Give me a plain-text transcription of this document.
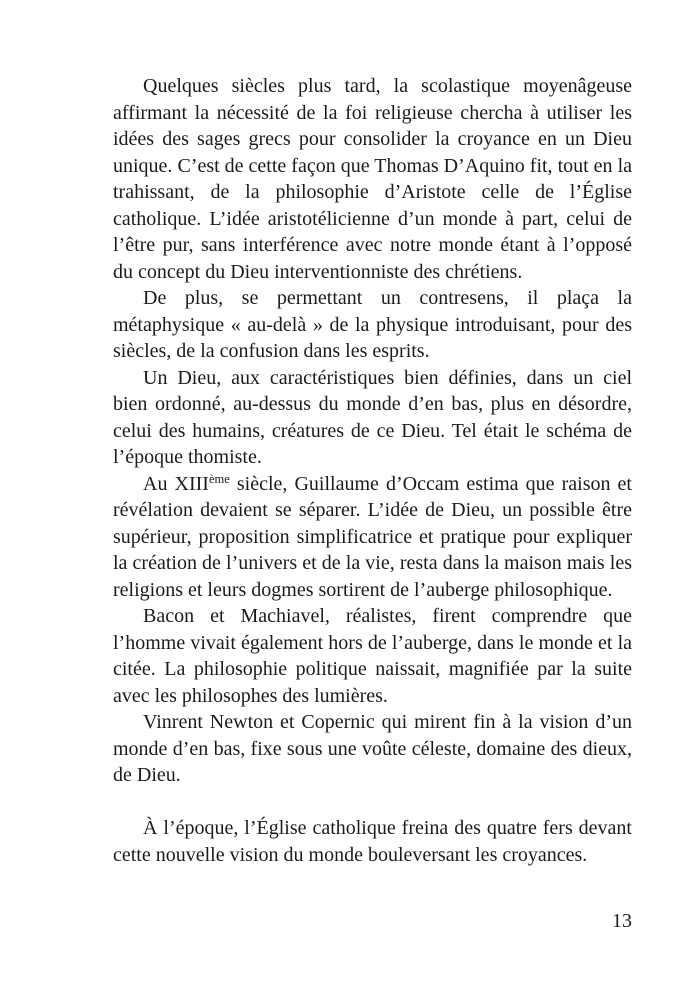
Quelques siècles plus tard, la scolastique moyenâgeuse affirmant la nécessité de la foi religieuse chercha à utiliser les idées des sages grecs pour consolider la croyance en un Dieu unique. C’est de cette façon que Thomas D’Aquino fit, tout en la trahissant, de la philosophie d’Aristote celle de l’Église catholique. L’idée aristotélicienne d’un monde à part, celui de l’être pur, sans interférence avec notre monde étant à l’opposé du concept du Dieu interventionniste des chrétiens.

De plus, se permettant un contresens, il plaça la métaphysique « au-delà » de la physique introduisant, pour des siècles, de la confusion dans les esprits.

Un Dieu, aux caractéristiques bien définies, dans un ciel bien ordonné, au-dessus du monde d’en bas, plus en désordre, celui des humains, créatures de ce Dieu. Tel était le schéma de l’époque thomiste.

Au XIIIème siècle, Guillaume d’Occam estima que raison et révélation devaient se séparer. L’idée de Dieu, un possible être supérieur, proposition simplificatrice et pratique pour expliquer la création de l’univers et de la vie, resta dans la maison mais les religions et leurs dogmes sortirent de l’auberge philosophique.

Bacon et Machiavel, réalistes, firent comprendre que l’homme vivait également hors de l’auberge, dans le monde et la citée. La philosophie politique naissait, magnifiée par la suite avec les philosophes des lumières.

Vinrent Newton et Copernic qui mirent fin à la vision d’un monde d’en bas, fixe sous une voûte céleste, domaine des dieux, de Dieu.

À l’époque, l’Église catholique freina des quatre fers devant cette nouvelle vision du monde bouleversant les croyances.

13
